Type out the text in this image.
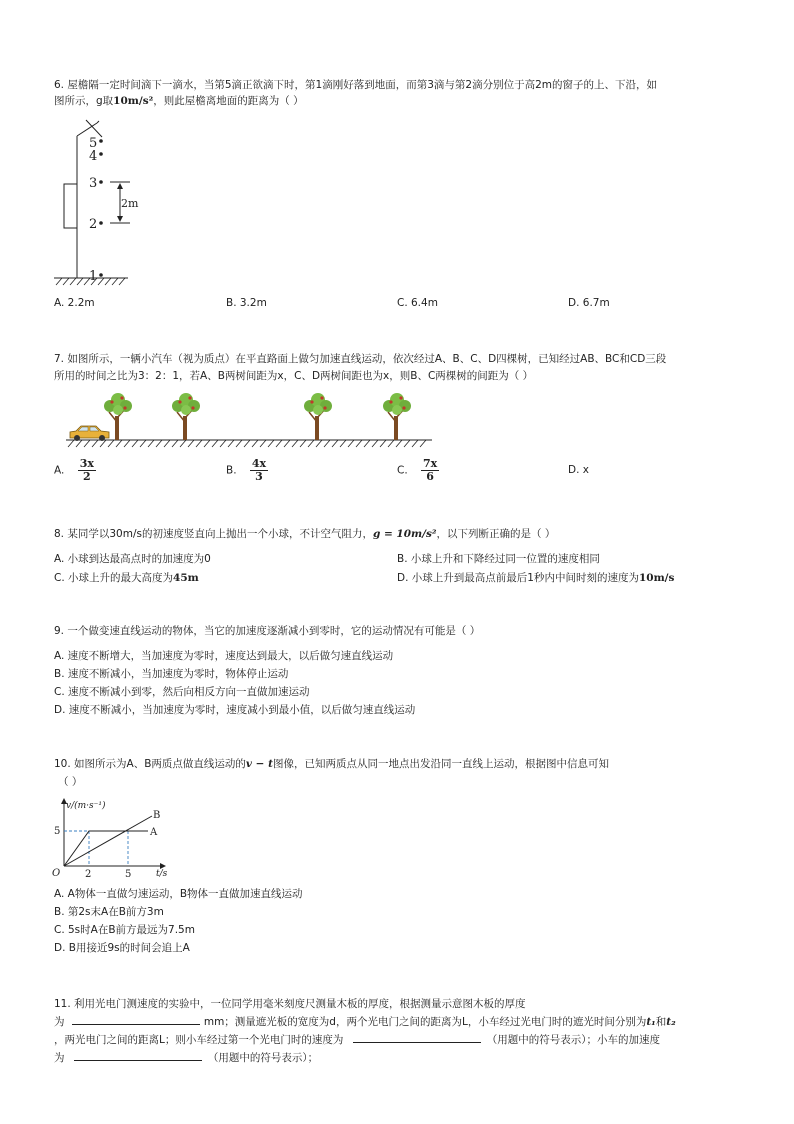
6. 屋檐隔一定时间滴下一滴水，当第5滴正欲滴下时，第1滴刚好落到地面，而第3滴与第2滴分别位于高2m的窗子的上、下沿，如
图所示，g取10m/s²，则此屋檐离地面的距离为（ ）
5
4
3
2
1
2m
A. 2.2m	B. 3.2m	C. 6.4m	D. 6.7m
7. 如图所示，一辆小汽车（视为质点）在平直路面上做匀加速直线运动，依次经过A、B、C、D四棵树，已知经过AB、BC和CD三段
所用的时间之比为3：2：1，若A、B两树间距为x，C、D两树间距也为x，则B、C两棵树的间距为（ ）
A. $\frac{3x}{2}$	B. $\frac{4x}{3}$	C. $\frac{7x}{6}$	D. x
8. 某同学以30m/s的初速度竖直向上抛出一个小球，不计空气阻力，g = 10m/s²，以下列断正确的是（ ）
A. 小球到达最高点时的加速度为0	B. 小球上升和下降经过同一位置的速度相同
C. 小球上升的最大高度为45m	D. 小球上升到最高点前最后1秒内中间时刻的速度为10m/s
9. 一个做变速直线运动的物体，当它的加速度逐渐减小到零时，它的运动情况有可能是（ ）
A. 速度不断增大，当加速度为零时，速度达到最大，以后做匀速直线运动
B. 速度不断减小，当加速度为零时，物体停止运动
C. 速度不断减小到零，然后向相反方向一直做加速运动
D. 速度不断减小，当加速度为零时，速度减小到最小值，以后做匀速直线运动
10. 如图所示为A、B两质点做直线运动的v − t图像，已知两质点从同一地点出发沿同一直线上运动，根据图中信息可知
（ ）
v/(m·s⁻¹)
t/s
O
5
2	5
B
A
A. A物体一直做匀速运动，B物体一直做加速直线运动
B. 第2s末A在B前方3m
C. 5s时A在B前方最远为7.5m
D. B用接近9s的时间会追上A
11. 利用光电门测速度的实验中，一位同学用毫米刻度尺测量木板的厚度，根据测量示意图木板的厚度
为	mm；测量遮光板的宽度为d，两个光电门之间的距离为L，小车经过光电门时的遮光时间分别为t₁和t₂
，两光电门之间的距离L；则小车经过第一个光电门时的速度为	（用题中的符号表示）；小车的加速度
为	（用题中的符号表示）；
